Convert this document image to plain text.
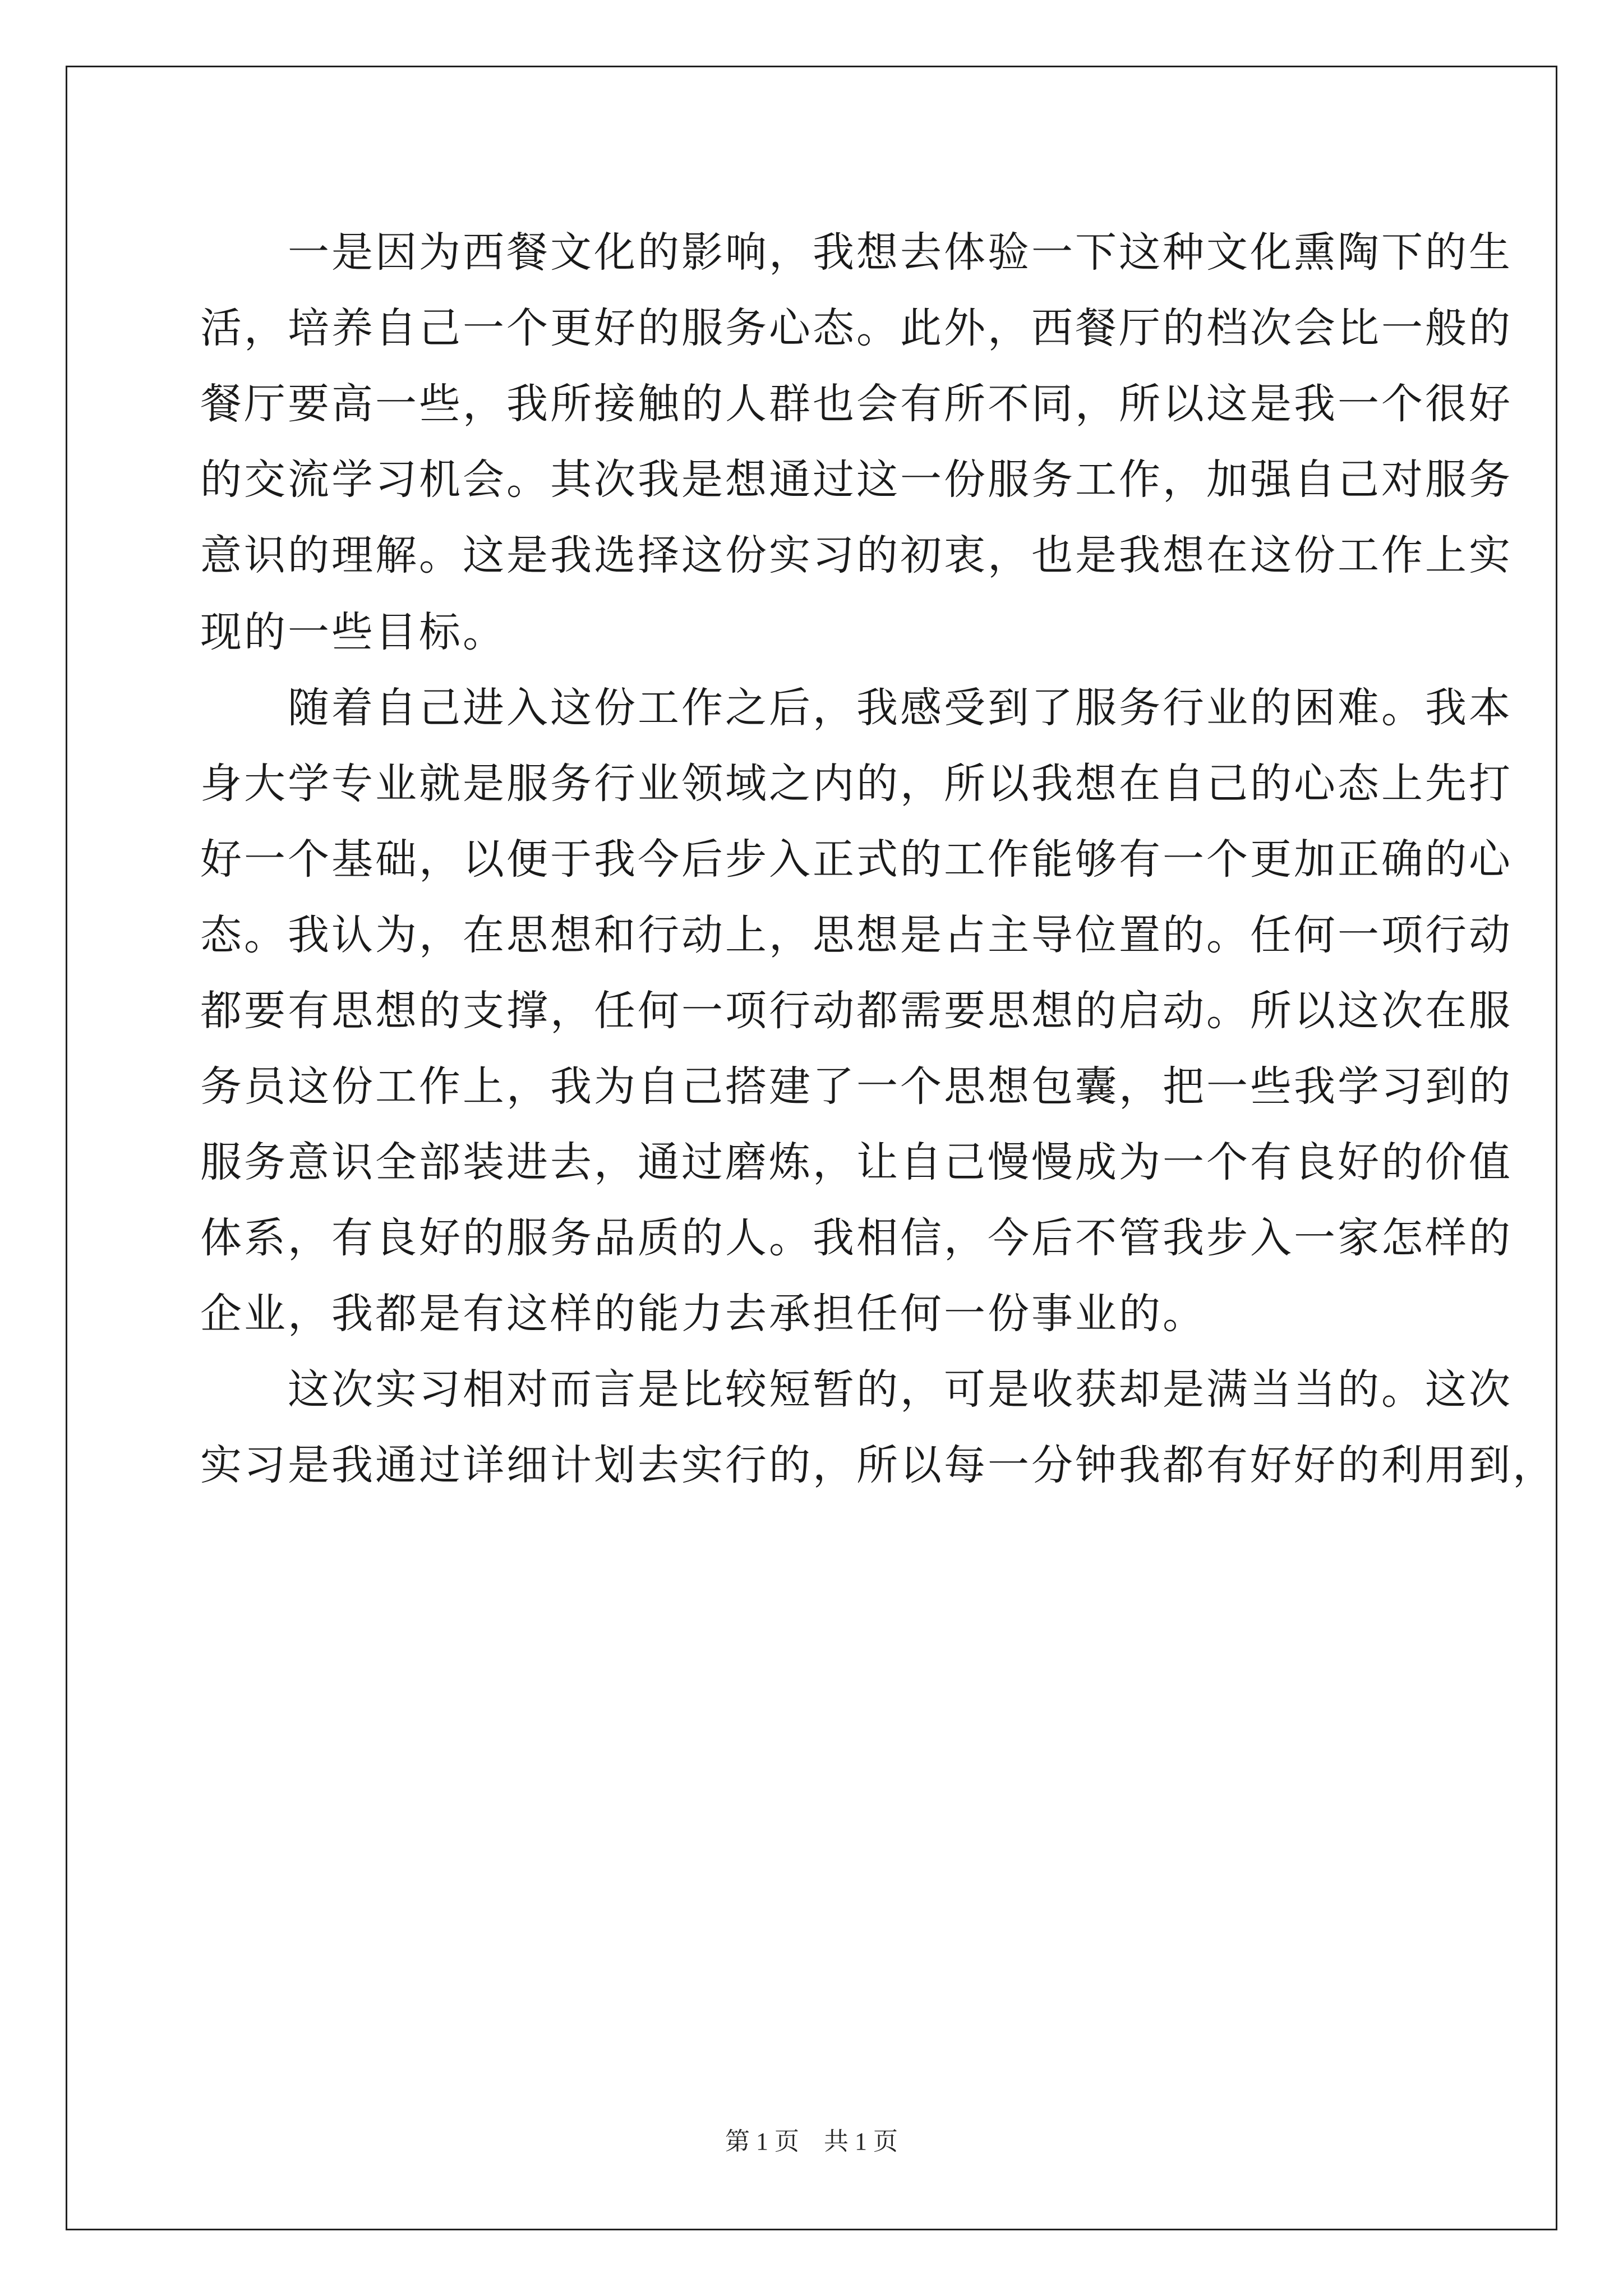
　　一是因为西餐文化的影响，我想去体验一下这种文化熏陶下的生
活，培养自己一个更好的服务心态。此外，西餐厅的档次会比一般的
餐厅要高一些，我所接触的人群也会有所不同，所以这是我一个很好
的交流学习机会。其次我是想通过这一份服务工作，加强自己对服务
意识的理解。这是我选择这份实习的初衷，也是我想在这份工作上实
现的一些目标。
　　随着自己进入这份工作之后，我感受到了服务行业的困难。我本
身大学专业就是服务行业领域之内的，所以我想在自己的心态上先打
好一个基础，以便于我今后步入正式的工作能够有一个更加正确的心
态。我认为，在思想和行动上，思想是占主导位置的。任何一项行动
都要有思想的支撑，任何一项行动都需要思想的启动。所以这次在服
务员这份工作上，我为自己搭建了一个思想包囊，把一些我学习到的
服务意识全部装进去，通过磨炼，让自己慢慢成为一个有良好的价值
体系，有良好的服务品质的人。我相信，今后不管我步入一家怎样的
企业，我都是有这样的能力去承担任何一份事业的。
　　这次实习相对而言是比较短暂的，可是收获却是满当当的。这次
实习是我通过详细计划去实行的，所以每一分钟我都有好好的利用到，
第 1 页 共 1 页
